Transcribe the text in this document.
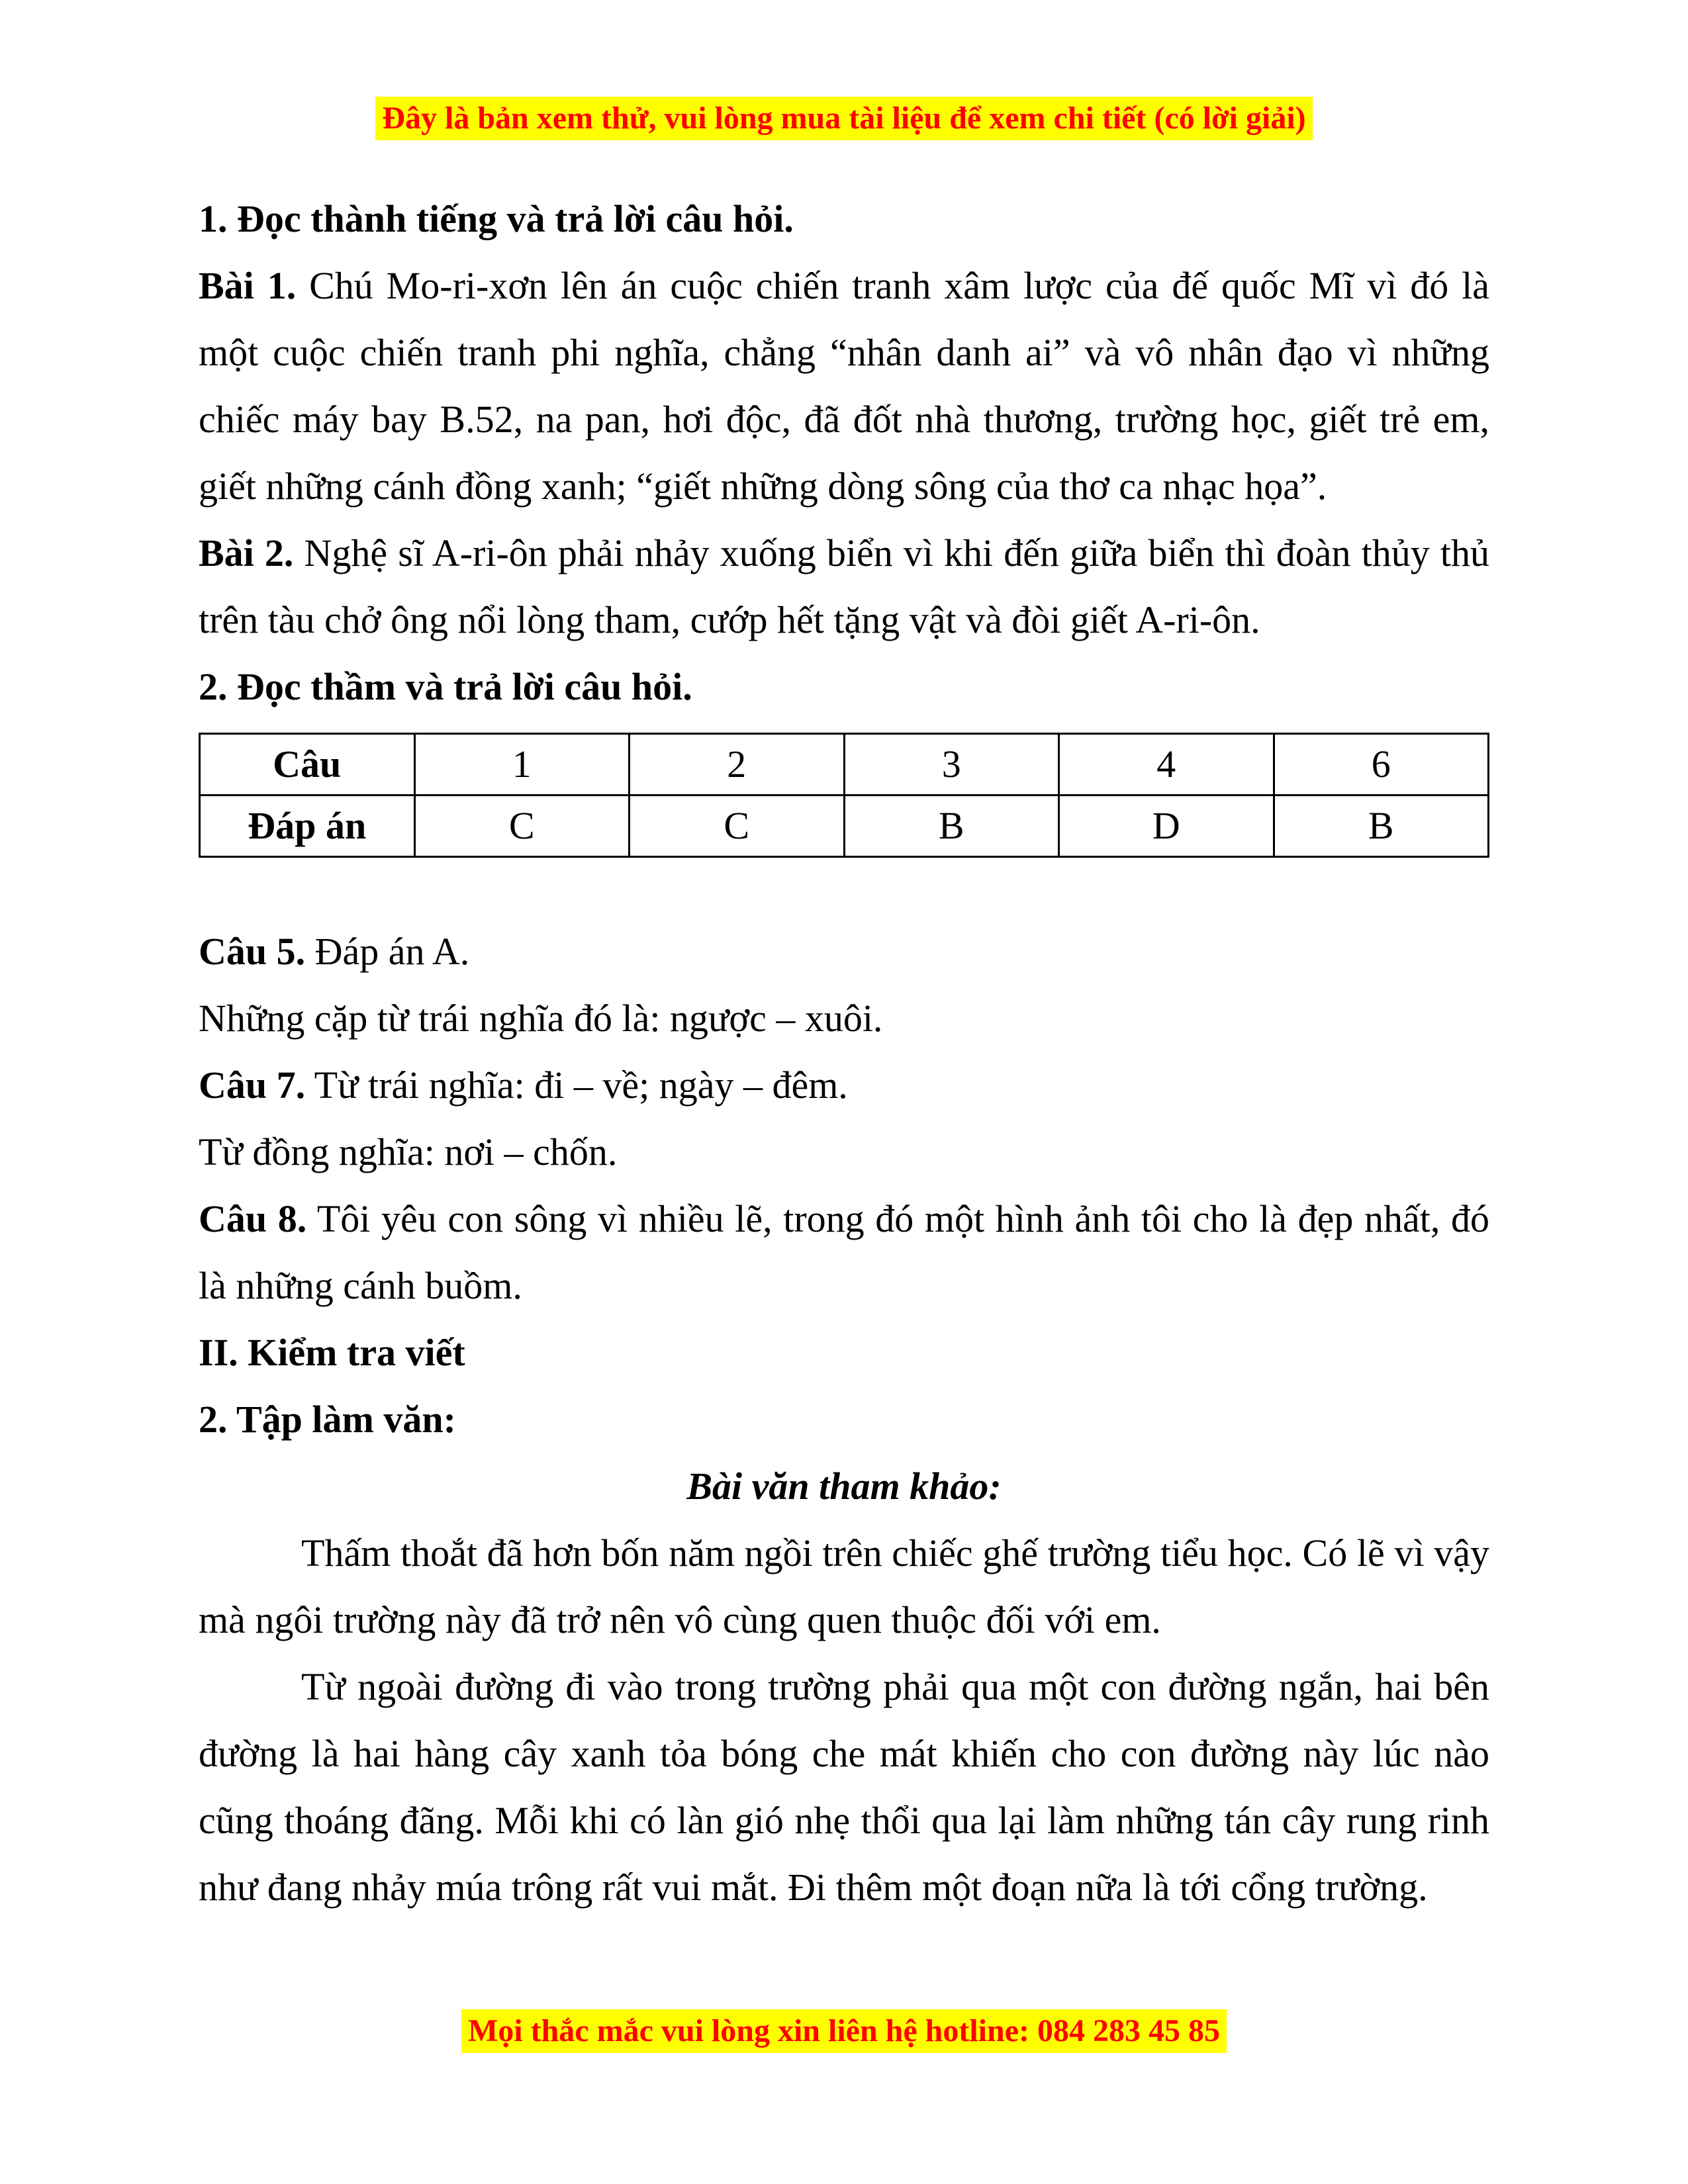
Đây là bản xem thử, vui lòng mua tài liệu để xem chi tiết (có lời giải)

1. Đọc thành tiếng và trả lời câu hỏi.

Bài 1. Chú Mo-ri-xơn lên án cuộc chiến tranh xâm lược của đế quốc Mĩ vì đó là một cuộc chiến tranh phi nghĩa, chẳng “nhân danh ai” và vô nhân đạo vì những chiếc máy bay B.52, na pan, hơi độc, đã đốt nhà thương, trường học, giết trẻ em, giết những cánh đồng xanh; “giết những dòng sông của thơ ca nhạc họa”.

Bài 2. Nghệ sĩ A-ri-ôn phải nhảy xuống biển vì khi đến giữa biển thì đoàn thủy thủ trên tàu chở ông nổi lòng tham, cướp hết tặng vật và đòi giết A-ri-ôn.

2. Đọc thầm và trả lời câu hỏi.

Câu	1	2	3	4	6
Đáp án	C	C	B	D	B

Câu 5. Đáp án A.

Những cặp từ trái nghĩa đó là: ngược – xuôi.

Câu 7. Từ trái nghĩa: đi – về; ngày – đêm.

Từ đồng nghĩa: nơi – chốn.

Câu 8. Tôi yêu con sông vì nhiều lẽ, trong đó một hình ảnh tôi cho là đẹp nhất, đó là những cánh buồm.

II. Kiểm tra viết

2. Tập làm văn:

Bài văn tham khảo:

Thấm thoắt đã hơn bốn năm ngồi trên chiếc ghế trường tiểu học. Có lẽ vì vậy mà ngôi trường này đã trở nên vô cùng quen thuộc đối với em.

Từ ngoài đường đi vào trong trường phải qua một con đường ngắn, hai bên đường là hai hàng cây xanh tỏa bóng che mát khiến cho con đường này lúc nào cũng thoáng đãng. Mỗi khi có làn gió nhẹ thổi qua lại làm những tán cây rung rinh như đang nhảy múa trông rất vui mắt. Đi thêm một đoạn nữa là tới cổng trường.

Mọi thắc mắc vui lòng xin liên hệ hotline: 084 283 45 85
